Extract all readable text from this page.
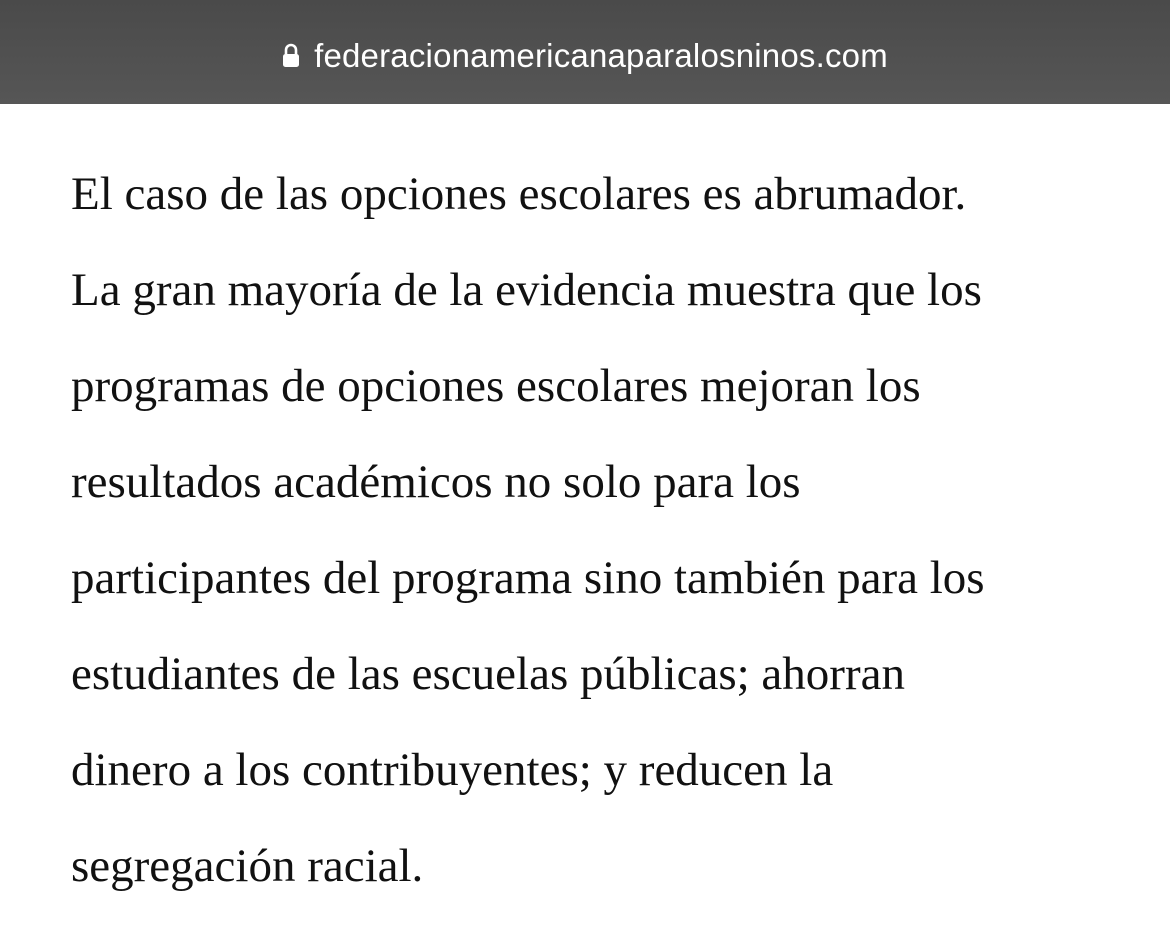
federacionamericanaparalosninos.com

El caso de las opciones escolares es abrumador.
La gran mayoría de la evidencia muestra que los
programas de opciones escolares mejoran los
resultados académicos no solo para los
participantes del programa sino también para los
estudiantes de las escuelas públicas; ahorran
dinero a los contribuyentes; y reducen la
segregación racial.
